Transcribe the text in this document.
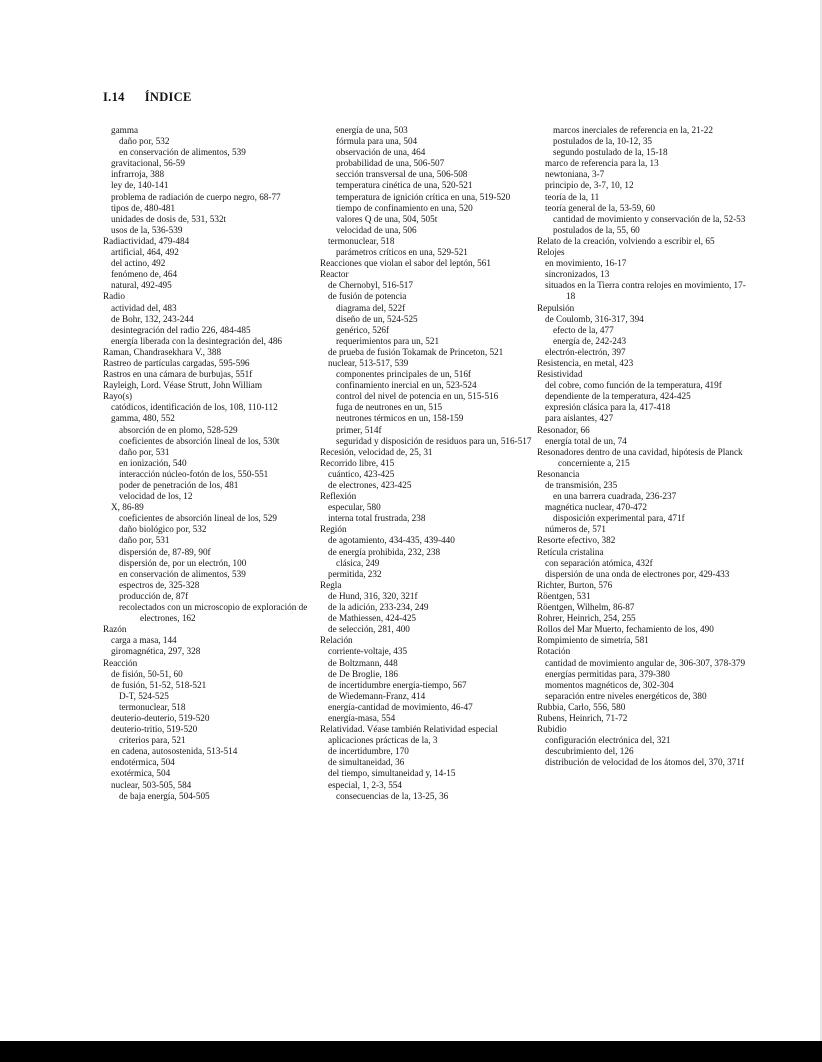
I.14 ÍNDICE
gamma
daño por, 532
en conservación de alimentos, 539
gravitacional, 56-59
infrarroja, 388
ley de, 140-141
problema de radiación de cuerpo negro, 68-77
tipos de, 480-481
unidades de dosis de, 531, 532t
usos de la, 536-539
Radiactividad, 479-484
artificial, 464, 492
del actino, 492
fenómeno de, 464
natural, 492-495
Radio
actividad del, 483
de Bohr, 132, 243-244
desintegración del radio 226, 484-485
energía liberada con la desintegración del, 486
Raman, Chandrasekhara V., 388
Rastreo de partículas cargadas, 595-596
Rastros en una cámara de burbujas, 551f
Rayleigh, Lord. Véase Strutt, John William
Rayo(s)
catódicos, identificación de los, 108, 110-112
gamma, 480, 552
absorción de en plomo, 528-529
coeficientes de absorción lineal de los, 530t
daño por, 531
en ionización, 540
interacción núcleo-fotón de los, 550-551
poder de penetración de los, 481
velocidad de los, 12
X, 86-89
coeficientes de absorción lineal de los, 529
daño biológico por, 532
daño por, 531
dispersión de, 87-89, 90f
dispersión de, por un electrón, 100
en conservación de alimentos, 539
espectros de, 325-328
producción de, 87f
recolectados con un microscopio de exploración de electrones, 162
Razón
carga a masa, 144
giromagnética, 297, 328
Reacción
de fisión, 50-51, 60
de fusión, 51-52, 518-521
D-T, 524-525
termonuclear, 518
deuterio-deuterio, 519-520
deuterio-tritio, 519-520
criterios para, 521
en cadena, autosostenida, 513-514
endotérmica, 504
exotérmica, 504
nuclear, 503-505, 584
de baja energía, 504-505
energía de una, 503
fórmula para una, 504
observación de una, 464
probabilidad de una, 506-507
sección transversal de una, 506-508
temperatura cinética de una, 520-521
temperatura de ignición crítica en una, 519-520
tiempo de confinamiento en una, 520
valores Q de una, 504, 505t
velocidad de una, 506
termonuclear, 518
parámetros críticos en una, 529-521
Reacciones que violan el sabor del leptón, 561
Reactor
de Chernobyl, 516-517
de fusión de potencia
diagrama del, 522f
diseño de un, 524-525
genérico, 526f
requerimientos para un, 521
de prueba de fusión Tokamak de Princeton, 521
nuclear, 513-517, 539
componentes principales de un, 516f
confinamiento inercial en un, 523-524
control del nivel de potencia en un, 515-516
fuga de neutrones en un, 515
neutrones térmicos en un, 158-159
primer, 514f
seguridad y disposición de residuos para un, 516-517
Recesión, velocidad de, 25, 31
Recorrido libre, 415
cuántico, 423-425
de electrones, 423-425
Reflexión
especular, 580
interna total frustrada, 238
Región
de agotamiento, 434-435, 439-440
de energía prohibida, 232, 238
clásica, 249
permitida, 232
Regla
de Hund, 316, 320, 321f
de la adición, 233-234, 249
de Mathiessen, 424-425
de selección, 281, 400
Relación
corriente-voltaje, 435
de Boltzmann, 448
de De Broglie, 186
de incertidumbre energía-tiempo, 567
de Wiedemann-Franz, 414
energía-cantidad de movimiento, 46-47
energía-masa, 554
Relatividad. Véase también Relatividad especial
aplicaciones prácticas de la, 3
de incertidumbre, 170
de simultaneidad, 36
del tiempo, simultaneidad y, 14-15
especial, 1, 2-3, 554
consecuencias de la, 13-25, 36
marcos inerciales de referencia en la, 21-22
postulados de la, 10-12, 35
segundo postulado de la, 15-18
marco de referencia para la, 13
newtoniana, 3-7
principio de, 3-7, 10, 12
teoría de la, 11
teoría general de la, 53-59, 60
cantidad de movimiento y conservación de la, 52-53
postulados de la, 55, 60
Relato de la creación, volviendo a escribir el, 65
Relojes
en movimiento, 16-17
sincronizados, 13
situados en la Tierra contra relojes en movimiento, 17-18
Repulsión
de Coulomb, 316-317, 394
efecto de la, 477
energía de, 242-243
electrón-electrón, 397
Resistencia, en metal, 423
Resistividad
del cobre, como función de la temperatura, 419f
dependiente de la temperatura, 424-425
expresión clásica para la, 417-418
para aislantes, 427
Resonador, 66
energía total de un, 74
Resonadores dentro de una cavidad, hipótesis de Planck concerniente a, 215
Resonancia
de transmisión, 235
en una barrera cuadrada, 236-237
magnética nuclear, 470-472
disposición experimental para, 471f
números de, 571
Resorte efectivo, 382
Retícula cristalina
con separación atómica, 432f
dispersión de una onda de electrones por, 429-433
Richter, Burton, 576
Röentgen, 531
Röentgen, Wilhelm, 86-87
Rohrer, Heinrich, 254, 255
Rollos del Mar Muerto, fechamiento de los, 490
Rompimiento de simetría, 581
Rotación
cantidad de movimiento angular de, 306-307, 378-379
energías permitidas para, 379-380
momentos magnéticos de, 302-304
separación entre niveles energéticos de, 380
Rubbia, Carlo, 556, 580
Rubens, Heinrich, 71-72
Rubidio
configuración electrónica del, 321
descubrimiento del, 126
distribución de velocidad de los átomos del, 370, 371f
